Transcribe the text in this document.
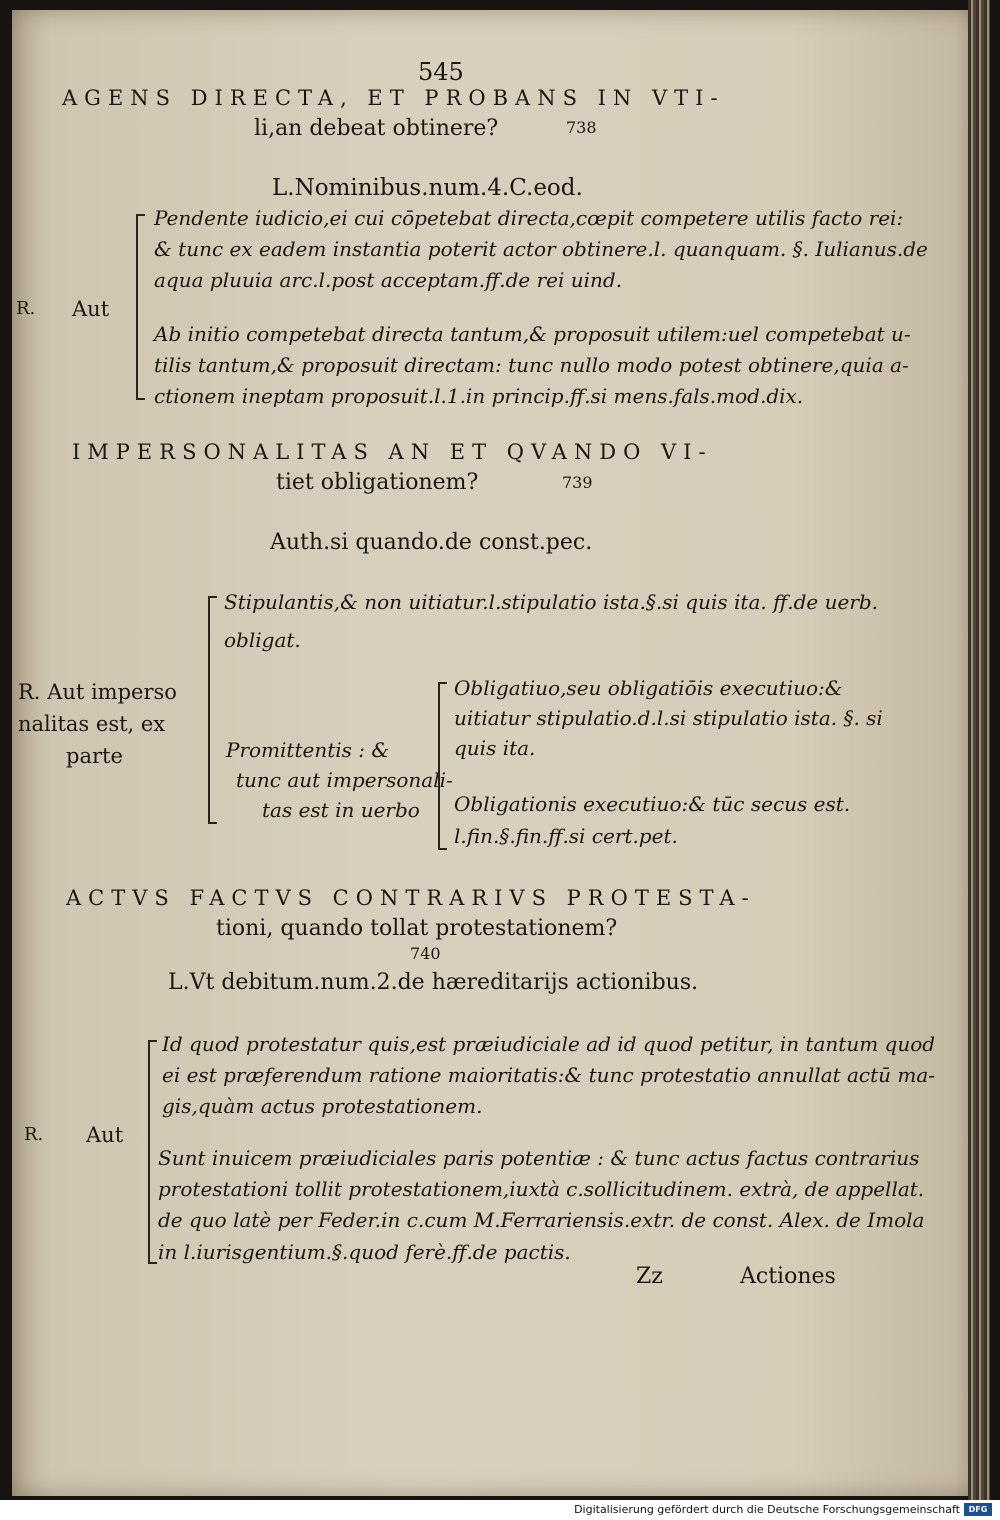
545
AGENS DIRECTA, ET PROBANS IN VTI-
li,an debeat obtinere?	738
L.Nominibus.num.4.C.eod.
R. Aut
Pendente iudicio,ei cui cōpetebat directa,cœpit competere utilis facto rei:
& tunc ex eadem instantia poterit actor obtinere.l. quanquam. §. Iulianus.de
aqua pluuia arc.l.post acceptam.ff.de rei uind.
Ab initio competebat directa tantum,& proposuit utilem:uel competebat u-
tilis tantum,& proposuit directam: tunc nullo modo potest obtinere,quia a-
ctionem ineptam proposuit.l.1.in princip.ff.si mens.fals.mod.dix.
IMPERSONALITAS AN ET QVANDO VI-
tiet obligationem?	739
Auth.si quando.de const.pec.
R. Aut imperso
nalitas est, ex
parte
Stipulantis,& non uitiatur.l.stipulatio ista.§.si quis ita. ff.de uerb.
obligat.
Promittentis : &
tunc aut impersonali-
tas est in uerbo
Obligatiuo,seu obligatiōis executiuo:&
uitiatur stipulatio.d.l.si stipulatio ista. §. si
quis ita.
Obligationis executiuo:& tūc secus est.
l.fin.§.fin.ff.si cert.pet.
ACTVS FACTVS CONTRARIVS PROTESTA-
tioni, quando tollat protestationem?
740
L.Vt debitum.num.2.de hæreditarijs actionibus.
R. Aut
Id quod protestatur quis,est præiudiciale ad id quod petitur, in tantum quod
ei est præferendum ratione maioritatis:& tunc protestatio annullat actū ma-
gis,quàm actus protestationem.
Sunt inuicem præiudiciales paris potentiæ : & tunc actus factus contrarius
protestationi tollit protestationem,iuxtà c.sollicitudinem. extrà, de appellat.
de quo latè per Feder.in c.cum M.Ferrariensis.extr. de const. Alex. de Imola
in l.iurisgentium.§.quod ferè.ff.de pactis.
Zz	Actiones
Digitalisierung gefördert durch die Deutsche Forschungsgemeinschaft	DFG
